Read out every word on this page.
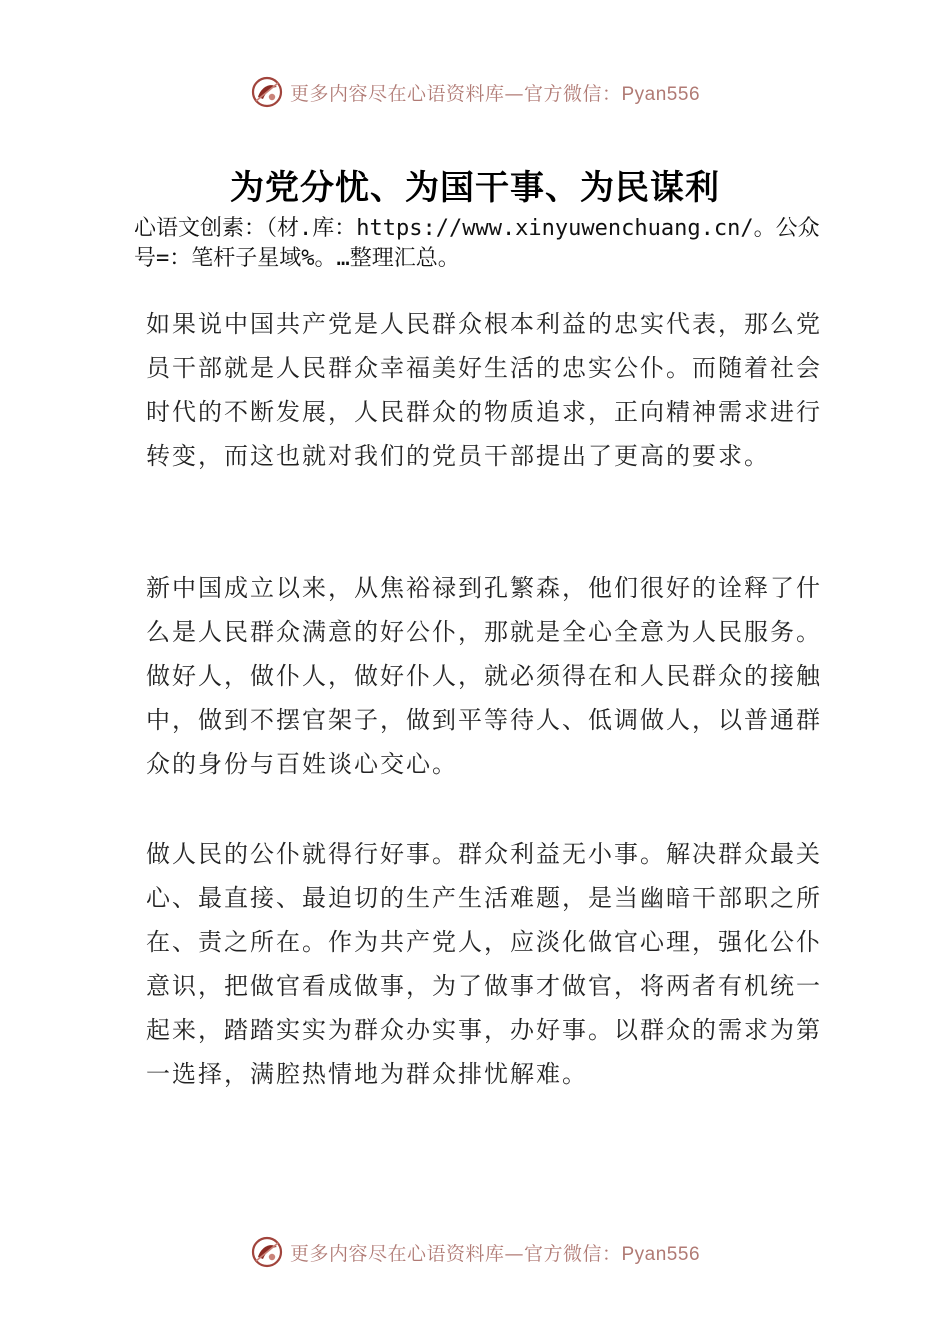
更多内容尽在心语资料库—官方微信：Pyan556
为党分忧、为国干事、为民谋利
心语文创素：（材.库：https://www.xinyuwenchuang.cn/。公众号=：笔杆子星域%。…整理汇总。

如果说中国共产党是人民群众根本利益的忠实代表，那么党员干部就是人民群众幸福美好生活的忠实公仆。而随着社会时代的不断发展，人民群众的物质追求，正向精神需求进行转变，而这也就对我们的党员干部提出了更高的要求。

新中国成立以来，从焦裕禄到孔繁森，他们很好的诠释了什么是人民群众满意的好公仆，那就是全心全意为人民服务。做好人，做仆人，做好仆人，就必须得在和人民群众的接触中，做到不摆官架子，做到平等待人、低调做人，以普通群众的身份与百姓谈心交心。

做人民的公仆就得行好事。群众利益无小事。解决群众最关心、最直接、最迫切的生产生活难题，是当幽暗干部职之所在、责之所在。作为共产党人，应淡化做官心理，强化公仆意识，把做官看成做事，为了做事才做官，将两者有机统一起来，踏踏实实为群众办实事，办好事。以群众的需求为第一选择，满腔热情地为群众排忧解难。

更多内容尽在心语资料库—官方微信：Pyan556
